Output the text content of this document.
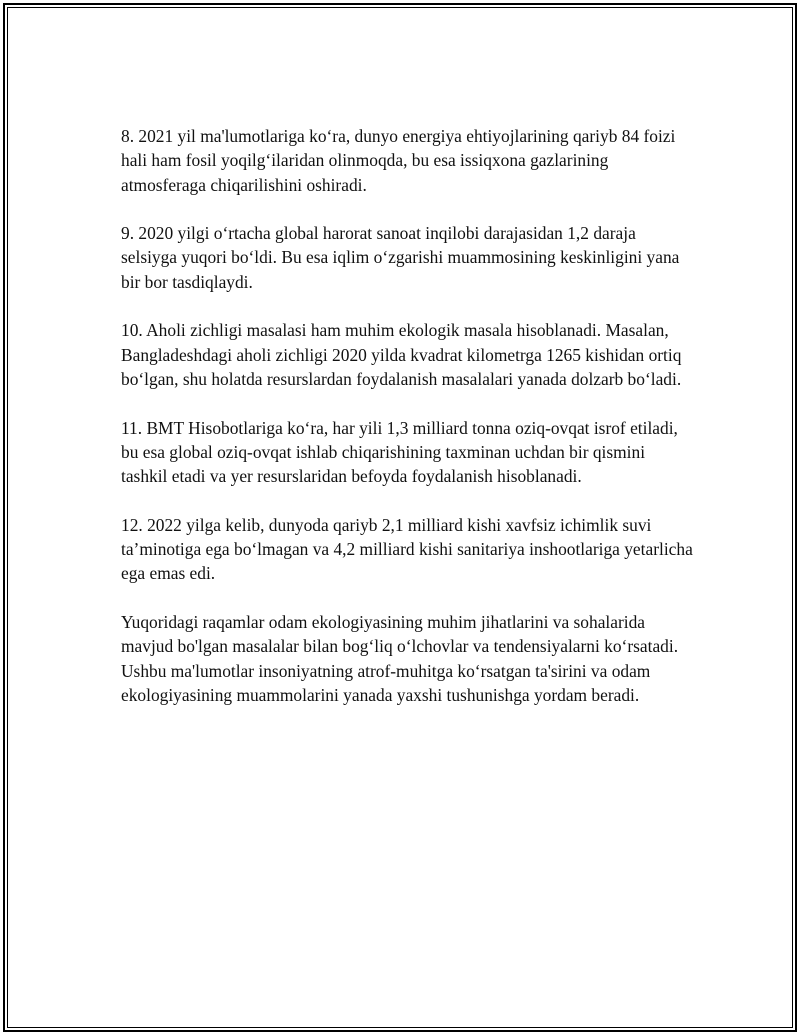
8. 2021 yil ma'lumotlariga koʻra, dunyo energiya ehtiyojlarining qariyb 84 foizi hali ham fosil yoqilgʻilaridan olinmoqda, bu esa issiqxona gazlarining atmosferaga chiqarilishini oshiradi.

9. 2020 yilgi oʻrtacha global harorat sanoat inqilobi darajasidan 1,2 daraja selsiyga yuqori boʻldi. Bu esa iqlim oʻzgarishi muammosining keskinligini yana bir bor tasdiqlaydi.

10. Aholi zichligi masalasi ham muhim ekologik masala hisoblanadi. Masalan, Bangladeshdagi aholi zichligi 2020 yilda kvadrat kilometrga 1265 kishidan ortiq boʻlgan, shu holatda resurslardan foydalanish masalalari yanada dolzarb boʻladi.

11. BMT Hisobotlariga koʻra, har yili 1,3 milliard tonna oziq-ovqat isrof etiladi, bu esa global oziq-ovqat ishlab chiqarishining taxminan uchdan bir qismini tashkil etadi va yer resurslaridan befoyda foydalanish hisoblanadi.

12. 2022 yilga kelib, dunyoda qariyb 2,1 milliard kishi xavfsiz ichimlik suvi taʼminotiga ega boʻlmagan va 4,2 milliard kishi sanitariya inshootlariga yetarlicha ega emas edi.

Yuqoridagi raqamlar odam ekologiyasining muhim jihatlarini va sohalarida mavjud bo'lgan masalalar bilan bogʻliq oʻlchovlar va tendensiyalarni koʻrsatadi. Ushbu ma'lumotlar insoniyatning atrof-muhitga koʻrsatgan ta'sirini va odam ekologiyasining muammolarini yanada yaxshi tushunishga yordam beradi.
